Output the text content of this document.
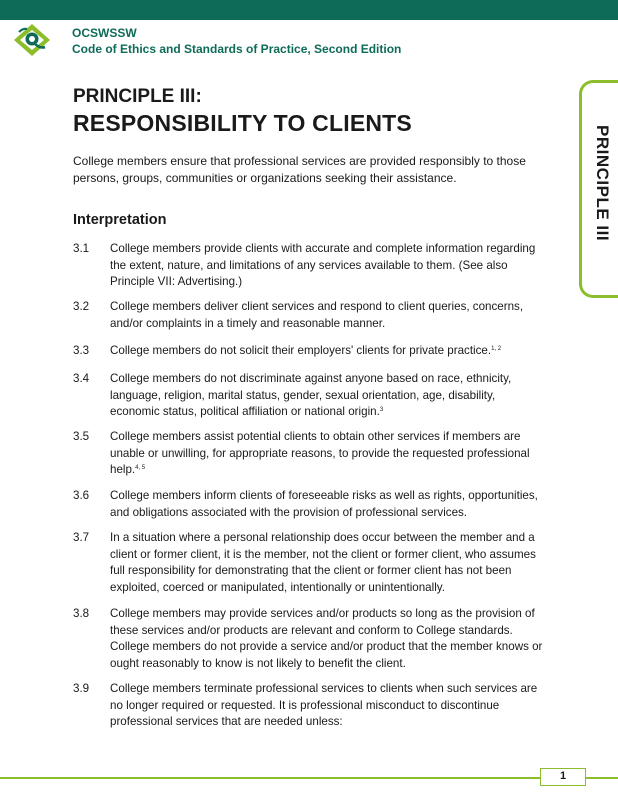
OCSWSSW
Code of Ethics and Standards of Practice, Second Edition
PRINCIPLE III
PRINCIPLE III:
RESPONSIBILITY TO CLIENTS
College members ensure that professional services are provided responsibly to those persons, groups, communities or organizations seeking their assistance.
Interpretation
3.1	College members provide clients with accurate and complete information regarding the extent, nature, and limitations of any services available to them. (See also Principle VII: Advertising.)
3.2	College members deliver client services and respond to client queries, concerns, and/or complaints in a timely and reasonable manner.
3.3	College members do not solicit their employers' clients for private practice.$^{1, 2}$
3.4	College members do not discriminate against anyone based on race, ethnicity, language, religion, marital status, gender, sexual orientation, age, disability, economic status, political affiliation or national origin.$^3$
3.5	College members assist potential clients to obtain other services if members are unable or unwilling, for appropriate reasons, to provide the requested professional help.$^{4, 5}$
3.6	College members inform clients of foreseeable risks as well as rights, opportunities, and obligations associated with the provision of professional services.
3.7	In a situation where a personal relationship does occur between the member and a client or former client, it is the member, not the client or former client, who assumes full responsibility for demonstrating that the client or former client has not been exploited, coerced or manipulated, intentionally or unintentionally.
3.8	College members may provide services and/or products so long as the provision of these services and/or products are relevant and conform to College standards. College members do not provide a service and/or product that the member knows or ought reasonably to know is not likely to benefit the client.
3.9	College members terminate professional services to clients when such services are no longer required or requested. It is professional misconduct to discontinue professional services that are needed unless:
1
